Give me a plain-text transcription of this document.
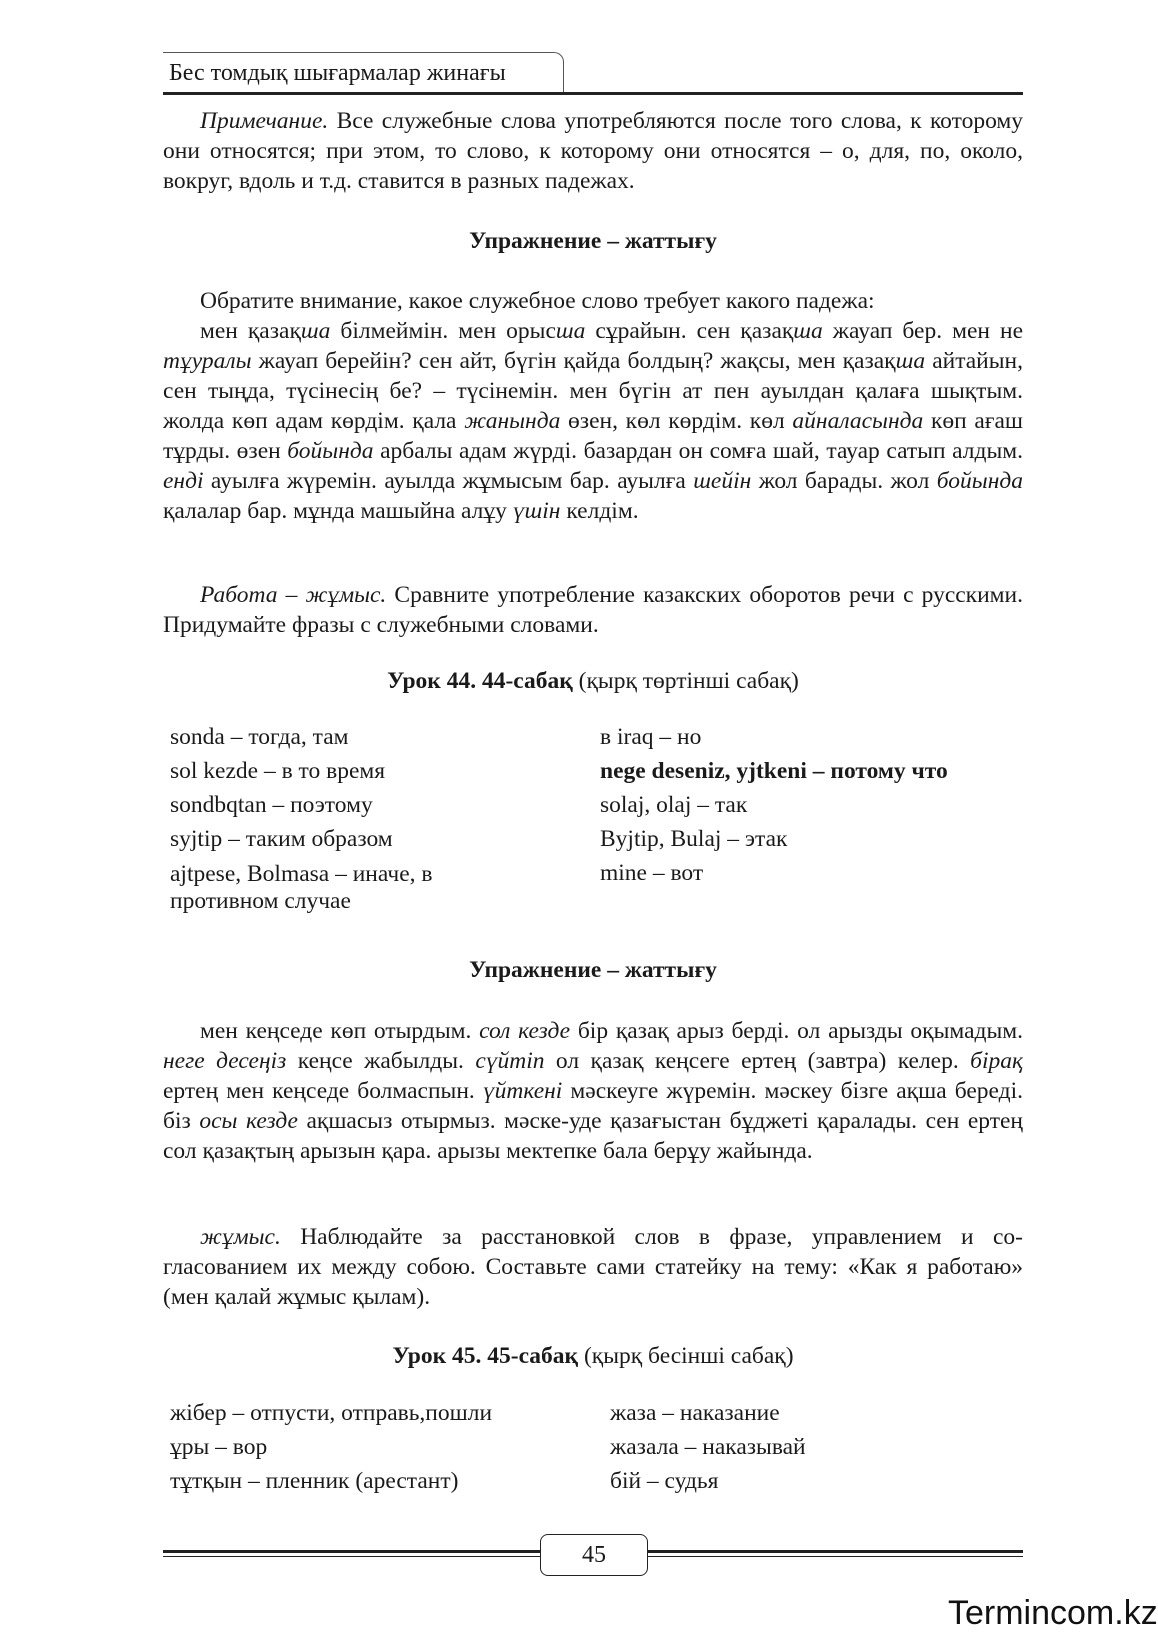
Бес томдық шығармалар жинағы
Примечание. Все служебные слова употребляются после того слова, к которому они относятся; при этом, то слово, к которому они относятся – о, для, по, около, вокруг, вдоль и т.д. ставится в разных падежах.
Упражнение – жаттығу
Обратите внимание, какое служебное слово требует какого падежа:
мен қазақша білмеймін. мен орысша сұрайын. сен қазақша жауап бер. мен не тұуралы жауап берейін? сен айт, бүгін қайда болдың? жақсы, мен қазақша айтайын, сен тыңда, түсінесің бе? – түсінемін. мен бүгін ат пен ауылдан қалаға шықтым. жолда көп адам көрдім. қала жанында өзен, көл көрдім. көл айналасында көп ағаш тұрды. өзен бойында арбалы адам жүрді. базардан он сомға шай, тауар сатып алдым. енді ауылға жүремін. ауылда жұмысым бар. ауылға шейін жол барады. жол бойында қалалар бар. мұнда машыйна алұу үшін келдім.
Работа – жұмыс. Сравните употребление казакских оборотов речи с русскими. Придумайте фразы с служебными словами.
Урок 44. 44-сабақ (қырқ төртінші сабақ)
sonda – тогда, там
sol kezde – в то время
sondbqtan – поэтому
syjtip – таким образом
ajtpese, Bolmasa – иначе, в противном случае
в iraq – но
nege deseniz, yjtkeni – потому что
solaj, olaj – так
Byjtip, Bulaj – этак
mine – вот
Упражнение – жаттығу
мен кеңседе көп отырдым. сол кезде бір қазақ арыз берді. ол арызды оқымадым. неге десеңіз кеңсе жабылды. сүйтіп ол қазақ кеңсеге ертең (завтра) келер. бірақ ертең мен кеңседе болмаспын. үйткені мәскеуге жүремін. мәскеу бізге ақша береді. біз осы кезде ақшасыз отырмыз. мәске-уде қазағыстан бұджеті қаралады. сен ертең сол қазақтың арызын қара. арызы мектепке бала берұу жайында.
жұмыс. Наблюдайте за расстановкой слов в фразе, управлением и со-гласованием их между собою. Составьте сами статейку на тему: «Как я работаю» (мен қалай жұмыс қылам).
Урок 45. 45-сабақ (қырқ бесінші сабақ)
жібер – отпусти, отправь,пошли
ұры – вор
тұтқын – пленник (арестант)
жаза – наказание
жазала – наказывай
бій – судья
45
Termincom.kz
